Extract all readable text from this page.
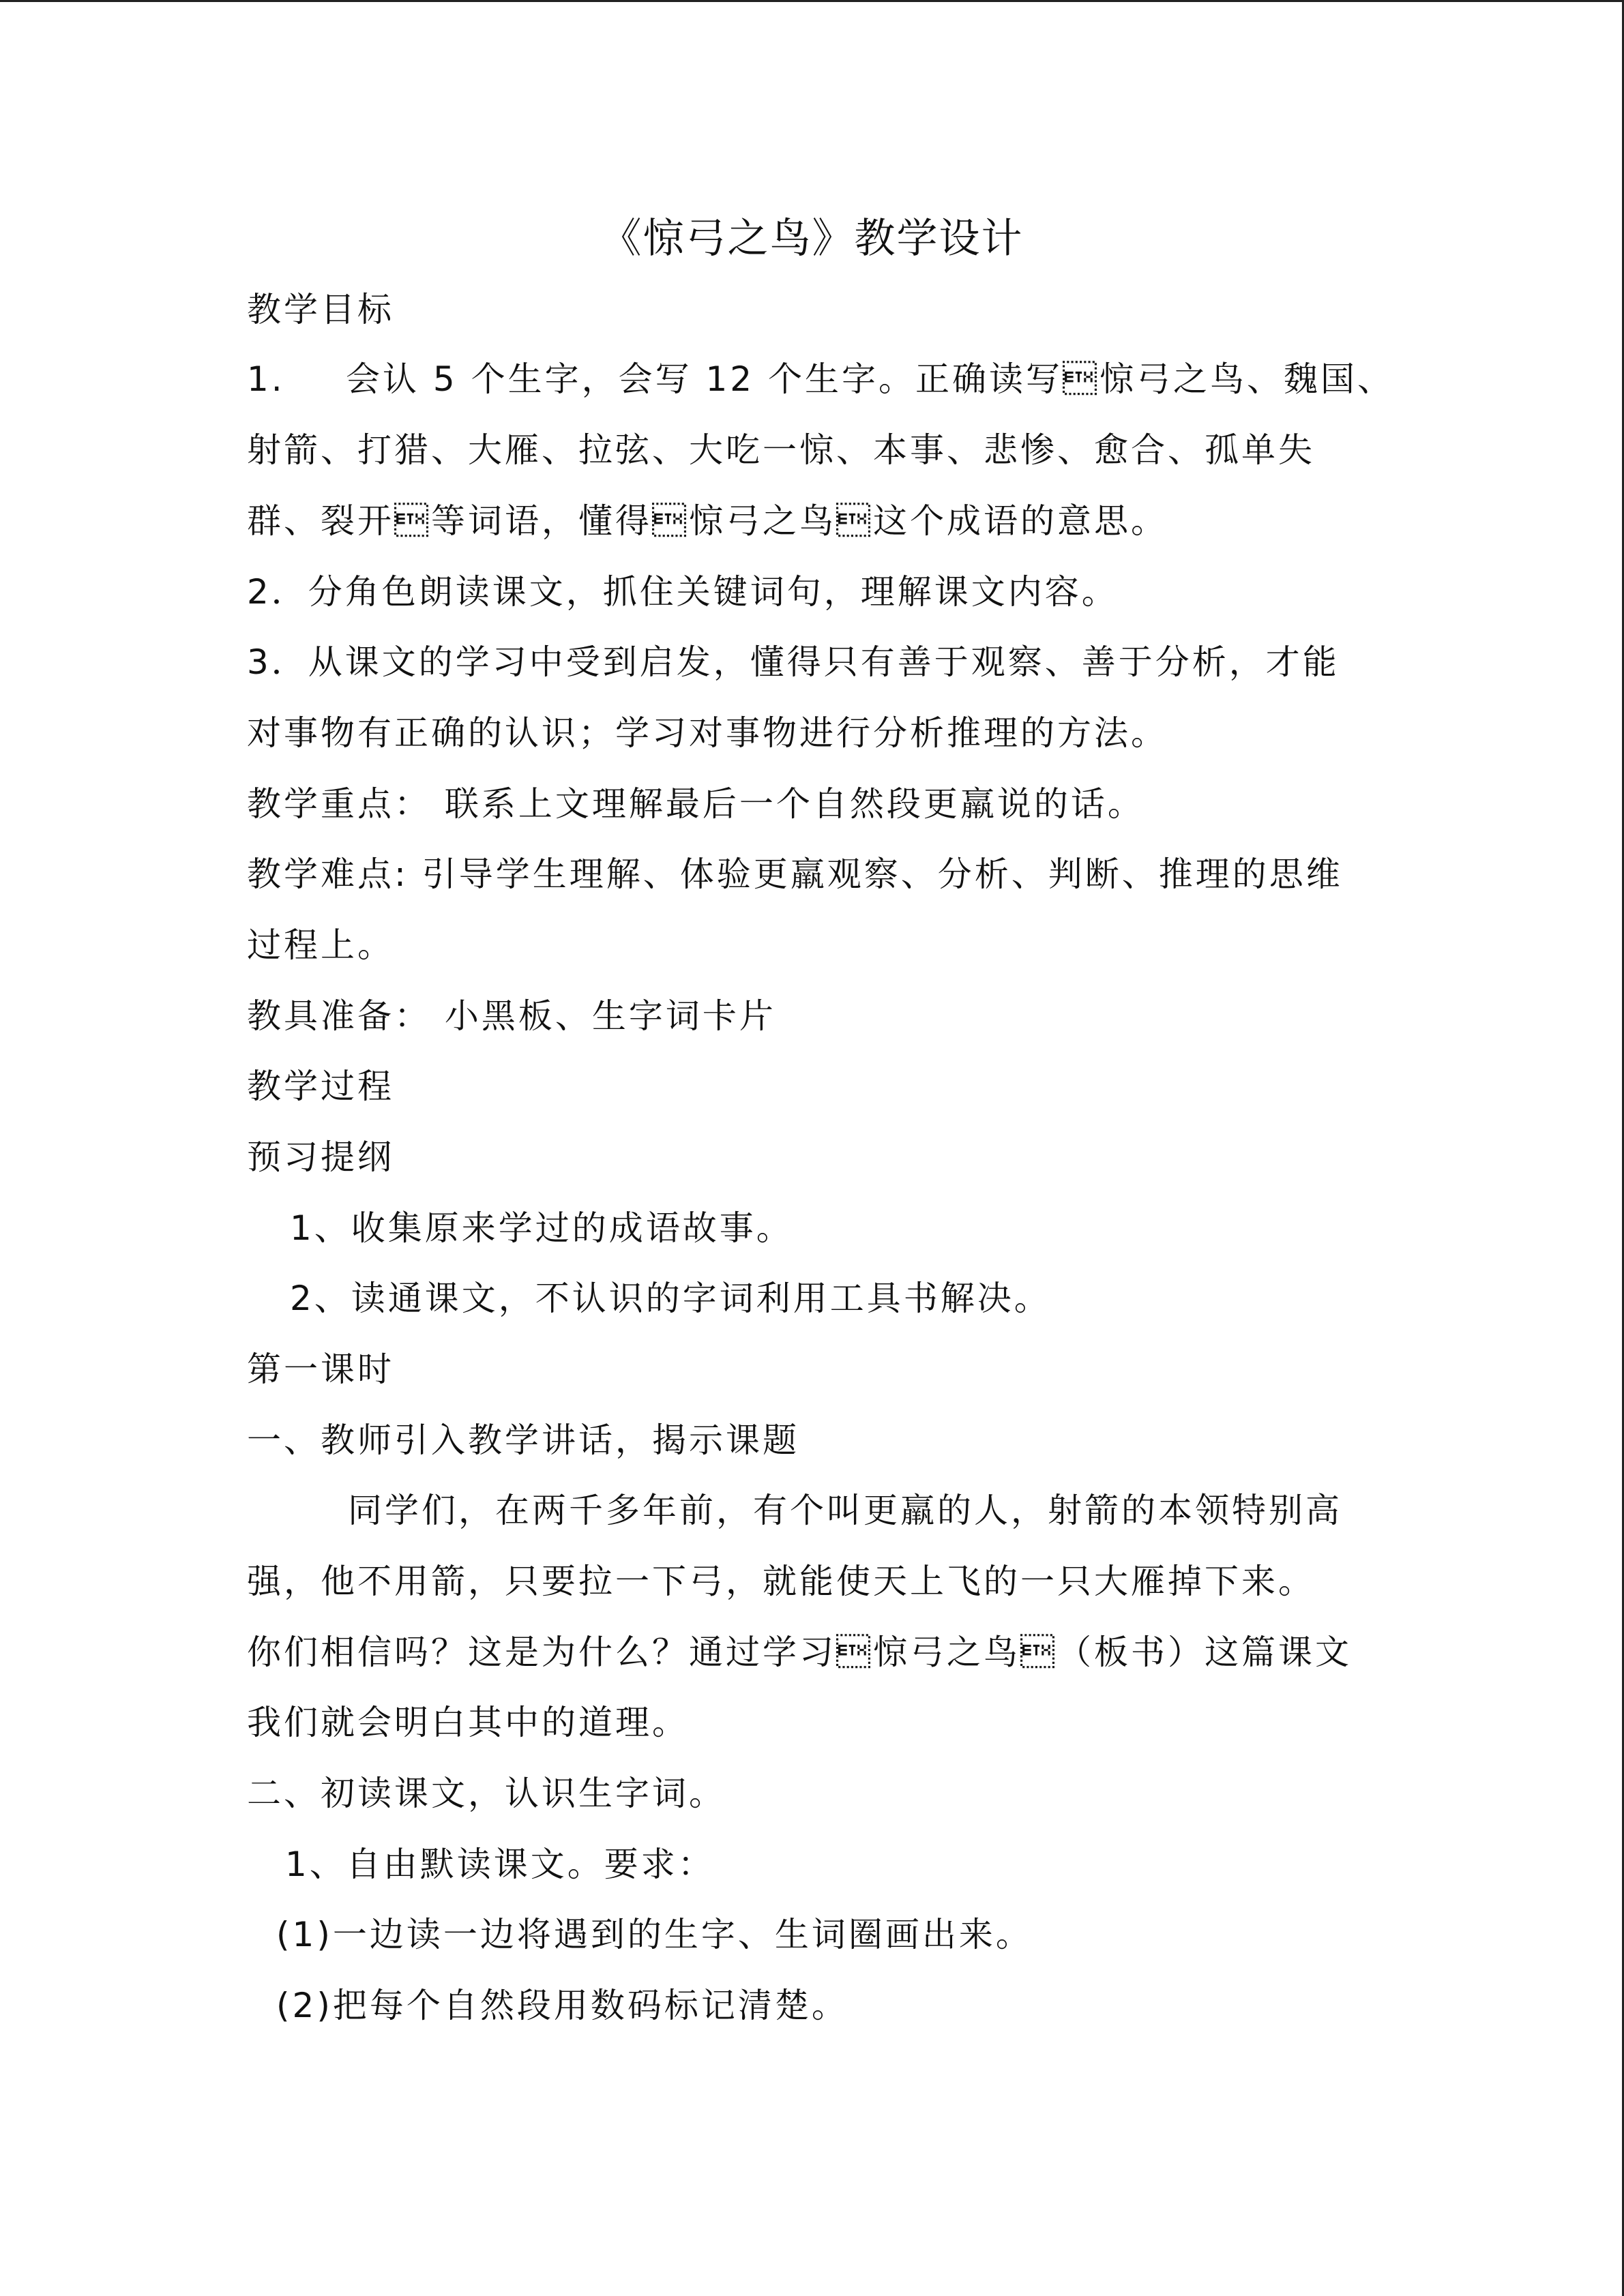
《惊弓之鸟》教学设计

教学目标

1. 会认 5 个生字，会写 12 个生字。正确读写惊弓之鸟、魏国、

射箭、打猎、大雁、拉弦、大吃一惊、本事、悲惨、愈合、孤单失

群、裂开等词语，懂得惊弓之鸟这个成语的意思。

2．分角色朗读课文，抓住关键词句，理解课文内容。

3．从课文的学习中受到启发，懂得只有善于观察、善于分析，才能

对事物有正确的认识；学习对事物进行分析推理的方法。

教学重点： 联系上文理解最后一个自然段更羸说的话。

教学难点: 引导学生理解、体验更羸观察、分析、判断、推理的思维

过程上。

教具准备： 小黑板、生字词卡片

教学过程

预习提纲

1、收集原来学过的成语故事。

2、读通课文，不认识的字词利用工具书解决。

第一课时

一、教师引入教学讲话，揭示课题

同学们，在两千多年前，有个叫更羸的人，射箭的本领特别高

强，他不用箭，只要拉一下弓，就能使天上飞的一只大雁掉下来。

你们相信吗？这是为什么？通过学习惊弓之鸟（板书）这篇课文

我们就会明白其中的道理。

二、初读课文，认识生字词。

1、自由默读课文。要求：

(1)一边读一边将遇到的生字、生词圈画出来。

(2)把每个自然段用数码标记清楚。
